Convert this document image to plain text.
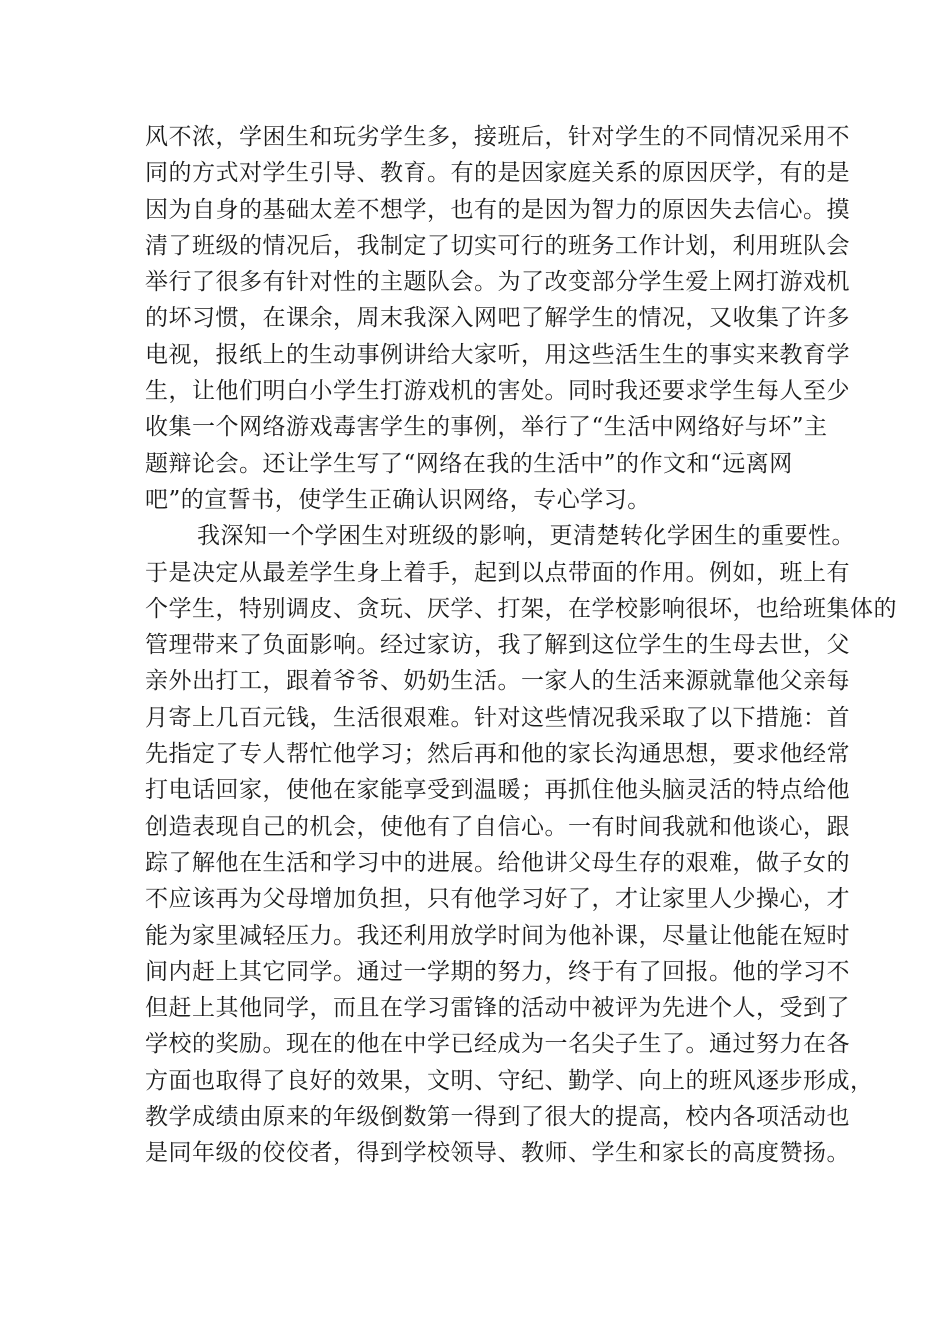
风不浓，学困生和玩劣学生多，接班后，针对学生的不同情况采用不
同的方式对学生引导、教育。有的是因家庭关系的原因厌学，有的是
因为自身的基础太差不想学，也有的是因为智力的原因失去信心。摸
清了班级的情况后，我制定了切实可行的班务工作计划，利用班队会
举行了很多有针对性的主题队会。为了改变部分学生爱上网打游戏机
的坏习惯，在课余，周末我深入网吧了解学生的情况，又收集了许多
电视，报纸上的生动事例讲给大家听，用这些活生生的事实来教育学
生，让他们明白小学生打游戏机的害处。同时我还要求学生每人至少
收集一个网络游戏毒害学生的事例，举行了“生活中网络好与坏”主
题辩论会。还让学生写了“网络在我的生活中”的作文和“远离网
吧”的宣誓书，使学生正确认识网络，专心学习。
我深知一个学困生对班级的影响，更清楚转化学困生的重要性。
于是决定从最差学生身上着手，起到以点带面的作用。例如，班上有
个学生，特别调皮、贪玩、厌学、打架，在学校影响很坏，也给班集体的
管理带来了负面影响。经过家访，我了解到这位学生的生母去世，父
亲外出打工，跟着爷爷、奶奶生活。一家人的生活来源就靠他父亲每
月寄上几百元钱，生活很艰难。针对这些情况我采取了以下措施：首
先指定了专人帮忙他学习；然后再和他的家长沟通思想，要求他经常
打电话回家，使他在家能享受到温暖；再抓住他头脑灵活的特点给他
创造表现自己的机会，使他有了自信心。一有时间我就和他谈心，跟
踪了解他在生活和学习中的进展。给他讲父母生存的艰难，做子女的
不应该再为父母增加负担，只有他学习好了，才让家里人少操心，才
能为家里减轻压力。我还利用放学时间为他补课，尽量让他能在短时
间内赶上其它同学。通过一学期的努力，终于有了回报。他的学习不
但赶上其他同学，而且在学习雷锋的活动中被评为先进个人，受到了
学校的奖励。现在的他在中学已经成为一名尖子生了。通过努力在各
方面也取得了良好的效果，文明、守纪、勤学、向上的班风逐步形成，
教学成绩由原来的年级倒数第一得到了很大的提高，校内各项活动也
是同年级的佼佼者，得到学校领导、教师、学生和家长的高度赞扬。
